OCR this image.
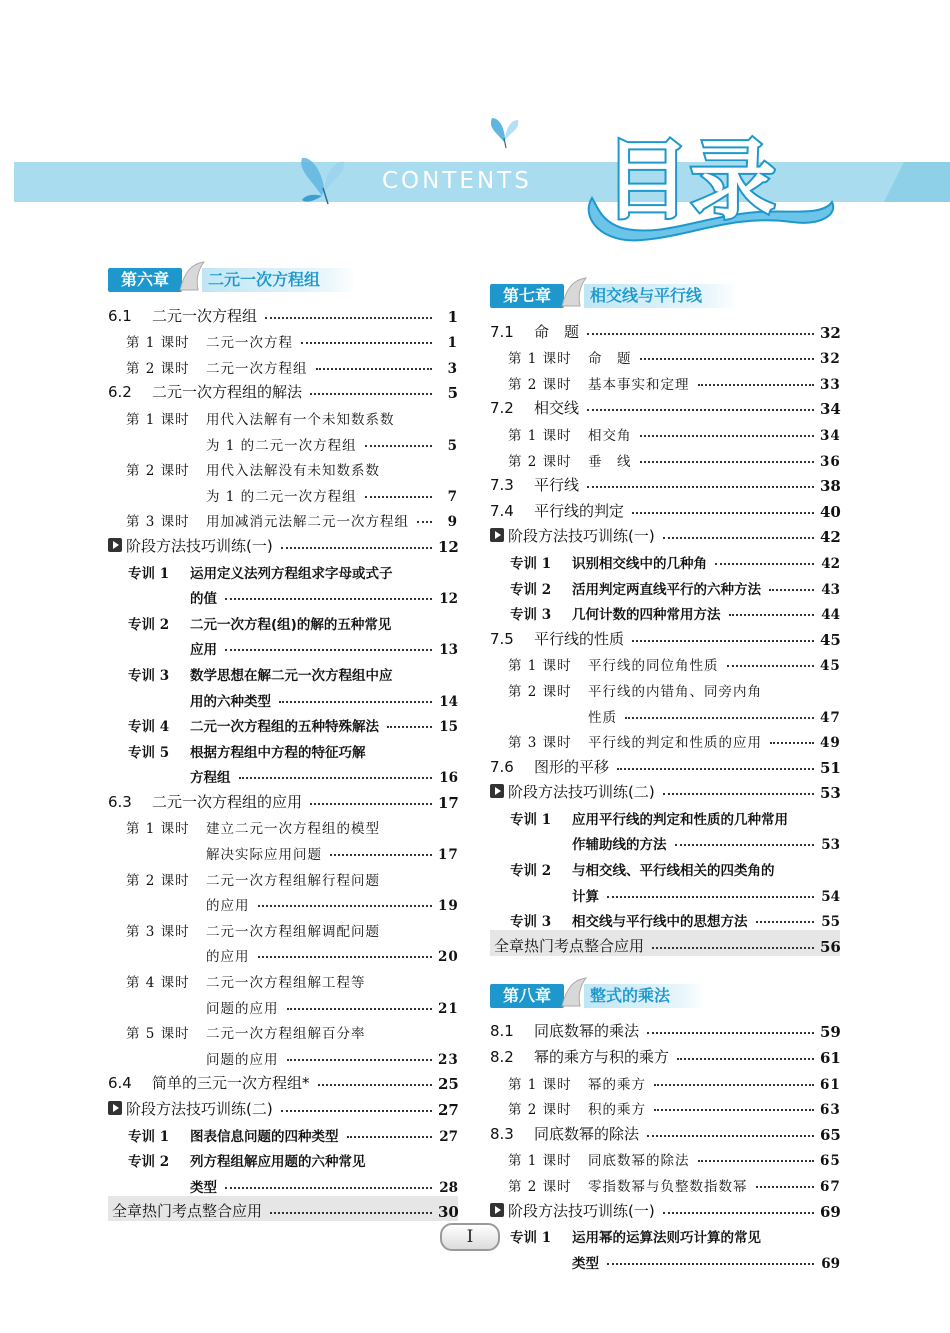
CONTENTS 目录
第六章	二元一次方程组
6.1 二元一次方程组	1
第 1 课时 二元一次方程	1
第 2 课时 二元一次方程组	3
6.2 二元一次方程组的解法	5
第 1 课时 用代入法解有一个未知数系数
为 1 的二元一次方程组	5
第 2 课时 用代入法解没有未知数系数
为 1 的二元一次方程组	7
第 3 课时 用加减消元法解二元一次方程组	9
阶段方法技巧训练(一)	12
专训 1 运用定义法列方程组求字母或式子
的值	12
专训 2 二元一次方程(组)的解的五种常见
应用	13
专训 3 数学思想在解二元一次方程组中应
用的六种类型	14
专训 4 二元一次方程组的五种特殊解法	15
专训 5 根据方程组中方程的特征巧解
方程组	16
6.3 二元一次方程组的应用	17
第 1 课时 建立二元一次方程组的模型
解决实际应用问题	17
第 2 课时 二元一次方程组解行程问题
的应用	19
第 3 课时 二元一次方程组解调配问题
的应用	20
第 4 课时 二元一次方程组解工程等
问题的应用	21
第 5 课时 二元一次方程组解百分率
问题的应用	23
6.4 简单的三元一次方程组*	25
阶段方法技巧训练(二)	27
专训 1 图表信息问题的四种类型	27
专训 2 列方程组解应用题的六种常见
类型	28
全章热门考点整合应用	30
第七章	相交线与平行线
7.1 命　题	32
第 1 课时 命　题	32
第 2 课时 基本事实和定理	33
7.2 相交线	34
第 1 课时 相交角	34
第 2 课时 垂　线	36
7.3 平行线	38
7.4 平行线的判定	40
阶段方法技巧训练(一)	42
专训 1 识别相交线中的几种角	42
专训 2 活用判定两直线平行的六种方法	43
专训 3 几何计数的四种常用方法	44
7.5 平行线的性质	45
第 1 课时 平行线的同位角性质	45
第 2 课时 平行线的内错角、同旁内角
性质	47
第 3 课时 平行线的判定和性质的应用	49
7.6 图形的平移	51
阶段方法技巧训练(二)	53
专训 1 应用平行线的判定和性质的几种常用
作辅助线的方法	53
专训 2 与相交线、平行线相关的四类角的
计算	54
专训 3 相交线与平行线中的思想方法	55
全章热门考点整合应用	56
第八章	整式的乘法
8.1 同底数幂的乘法	59
8.2 幂的乘方与积的乘方	61
第 1 课时 幂的乘方	61
第 2 课时 积的乘方	63
8.3 同底数幂的除法	65
第 1 课时 同底数幂的除法	65
第 2 课时 零指数幂与负整数指数幂	67
阶段方法技巧训练(一)	69
专训 1 运用幂的运算法则巧计算的常见
类型	69
I
